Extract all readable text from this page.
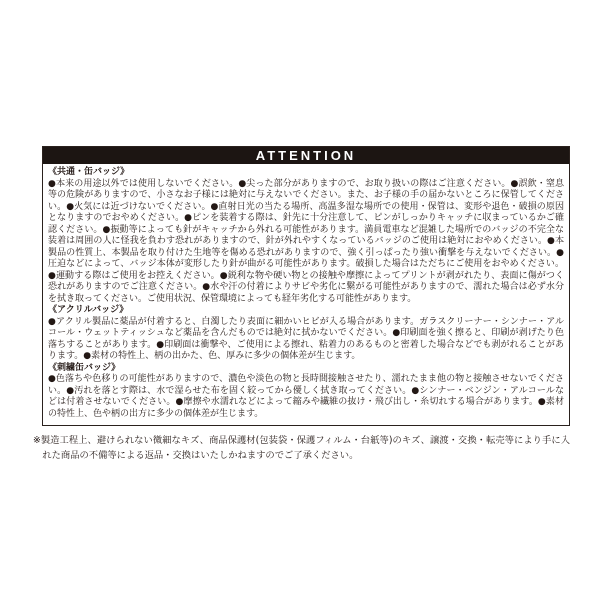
ATTENTION

《共通・缶バッジ》

●本来の用途以外では使用しないでください。●尖った部分がありますので、お取り扱いの際はご注意ください。●誤飲・窒息等の危険がありますので、小さなお子様には絶対に与えないでください。また、お子様の手の届かないところに保管してください。●火気には近づけないでください。●直射日光の当たる場所、高温多湿な場所での使用・保管は、変形や退色・破損の原因となりますのでおやめください。●ピンを装着する際は、針先に十分注意して、ピンがしっかりキャッチに収まっているかご確認ください。●振動等によっても針がキャッチから外れる可能性があります。満員電車など混雑した場所でのバッジの不完全な装着は周囲の人に怪我を負わす恐れがありますので、針が外れやすくなっているバッジのご使用は絶対におやめください。●本製品の性質上、本製品を取り付けた生地等を傷める恐れがありますので、強く引っぱったり強い衝撃を与えないでください。●圧迫などによって、バッジ本体が変形したり針が曲がる可能性があります。破損した場合はただちにご使用をおやめください。●運動する際はご使用をお控えください。●鋭利な物や硬い物との接触や摩擦によってプリントが剥がれたり、表面に傷がつく恐れがありますのでご注意ください。●水や汗の付着によりサビや劣化に繋がる可能性がありますので、濡れた場合は必ず水分を拭き取ってください。ご使用状況、保管環境によっても経年劣化する可能性があります。

《アクリルバッジ》

●アクリル製品に薬品が付着すると、白濁したり表面に細かいヒビが入る場合があります。ガラスクリーナー・シンナー・アルコール・ウェットティッシュなど薬品を含んだものでは絶対に拭かないでください。●印刷面を強く擦ると、印刷が剥げたり色落ちすることがあります。●印刷面は衝撃や、ご使用による擦れ、粘着力のあるものと密着した場合などでも剥がれることがあります。●素材の特性上、柄の出かた、色、厚みに多少の個体差が生じます。

《刺繍缶バッジ》

●色落ちや色移りの可能性がありますので、濃色や淡色の物と長時間接触させたり、濡れたまま他の物と接触させないでください。●汚れを落とす際は、水で湿らせた布を固く絞ってから優しく拭き取ってください。●シンナー・ベンジン・アルコールなどは付着させないでください。●摩擦や水濡れなどによって縮みや繊維の抜け・飛び出し・糸切れする場合があります。●素材の特性上、色や柄の出方に多少の個体差が生じます。

※製造工程上、避けられない微細なキズ、商品保護材(包装袋・保護フィルム・台紙等)のキズ、譲渡・交換・転売等により手に入れた商品の不備等による返品・交換はいたしかねますのでご了承ください。
